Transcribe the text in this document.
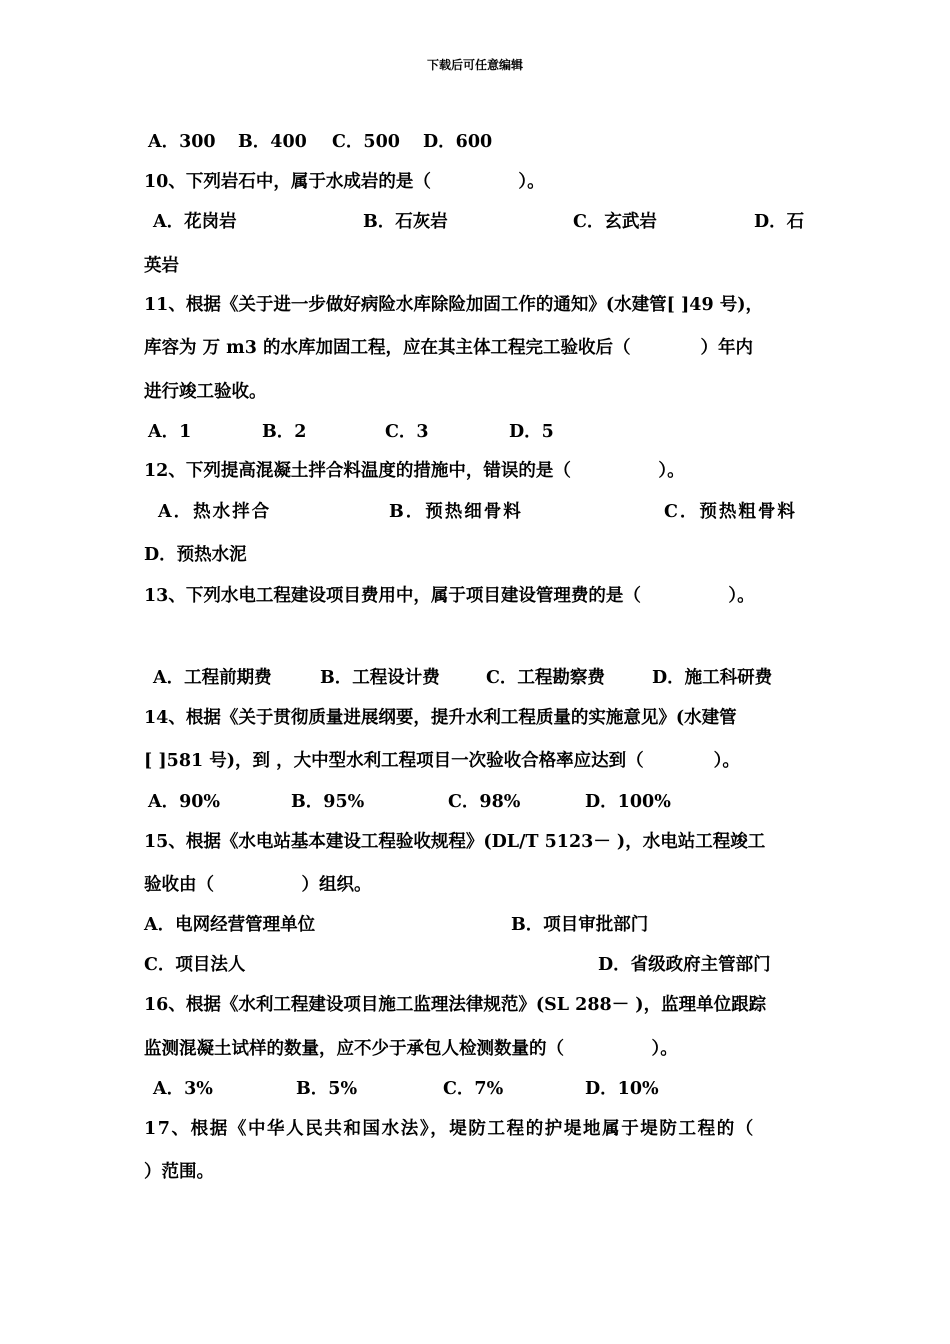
下载后可任意编辑
A．300 B．400 C．500 D．600
10、下列岩石中，属于水成岩的是（　　　　　）。
A．花岗岩	B．石灰岩	C．玄武岩	D．石
英岩
11、根据《关于进一步做好病险水库除险加固工作的通知》(水建管[ ]49 号)，
库容为 万 m3 的水库加固工程，应在其主体工程完工验收后（　　　　）年内
进行竣工验收。
A．1	B．2	C．3	D．5
12、下列提高混凝土拌合料温度的措施中，错误的是（　　　　　）。
A．热水拌合	B．预热细骨料	C．预热粗骨料
D．预热水泥
13、下列水电工程建设项目费用中，属于项目建设管理费的是（　　　　　）。
A．工程前期费	B．工程设计费	C．工程勘察费	D．施工科研费
14、根据《关于贯彻质量进展纲要，提升水利工程质量的实施意见》(水建管
[ ]581 号)，到 ，大中型水利工程项目一次验收合格率应达到（　　　　）。
A．90%	B．95%	C．98%	D．100%
15、根据《水电站基本建设工程验收规程》(DL/T 5123－ )，水电站工程竣工
验收由（　　　　　）组织。
A．电网经营管理单位	B．项目审批部门
C．项目法人	D．省级政府主管部门
16、根据《水利工程建设项目施工监理法律规范》(SL 288－ )，监理单位跟踪
监测混凝土试样的数量，应不少于承包人检测数量的（　　　　　）。
A．3%	B．5%	C．7%	D．10%
17、根据《中华人民共和国水法》，堤防工程的护堤地属于堤防工程的（
）范围。
